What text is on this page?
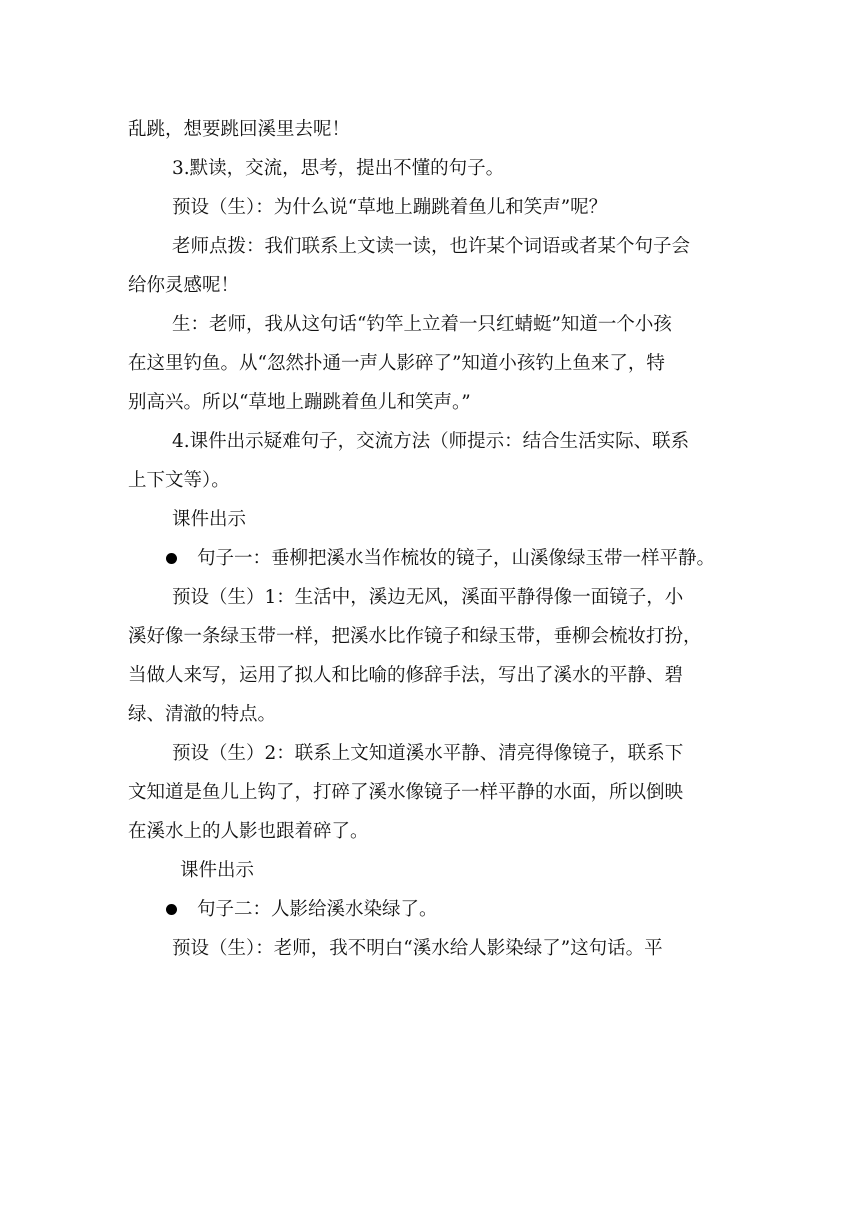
乱跳，想要跳回溪里去呢！

3.默读，交流，思考，提出不懂的句子。

预设（生）：为什么说“草地上蹦跳着鱼儿和笑声”呢？

老师点拨：我们联系上文读一读，也许某个词语或者某个句子会

给你灵感呢！

生：老师，我从这句话“钓竿上立着一只红蜻蜓”知道一个小孩

在这里钓鱼。从“忽然扑通一声人影碎了”知道小孩钓上鱼来了，特

别高兴。所以“草地上蹦跳着鱼儿和笑声。”

4.课件出示疑难句子，交流方法（师提示：结合生活实际、联系

上下文等）。

课件出示

句子一：垂柳把溪水当作梳妆的镜子，山溪像绿玉带一样平静。

预设（生）1：生活中，溪边无风，溪面平静得像一面镜子，小

溪好像一条绿玉带一样，把溪水比作镜子和绿玉带，垂柳会梳妆打扮，

当做人来写，运用了拟人和比喻的修辞手法，写出了溪水的平静、碧

绿、清澈的特点。

预设（生）2：联系上文知道溪水平静、清亮得像镜子，联系下

文知道是鱼儿上钩了，打碎了溪水像镜子一样平静的水面，所以倒映

在溪水上的人影也跟着碎了。

课件出示

句子二：人影给溪水染绿了。

预设（生）：老师，我不明白“溪水给人影染绿了”这句话。平
